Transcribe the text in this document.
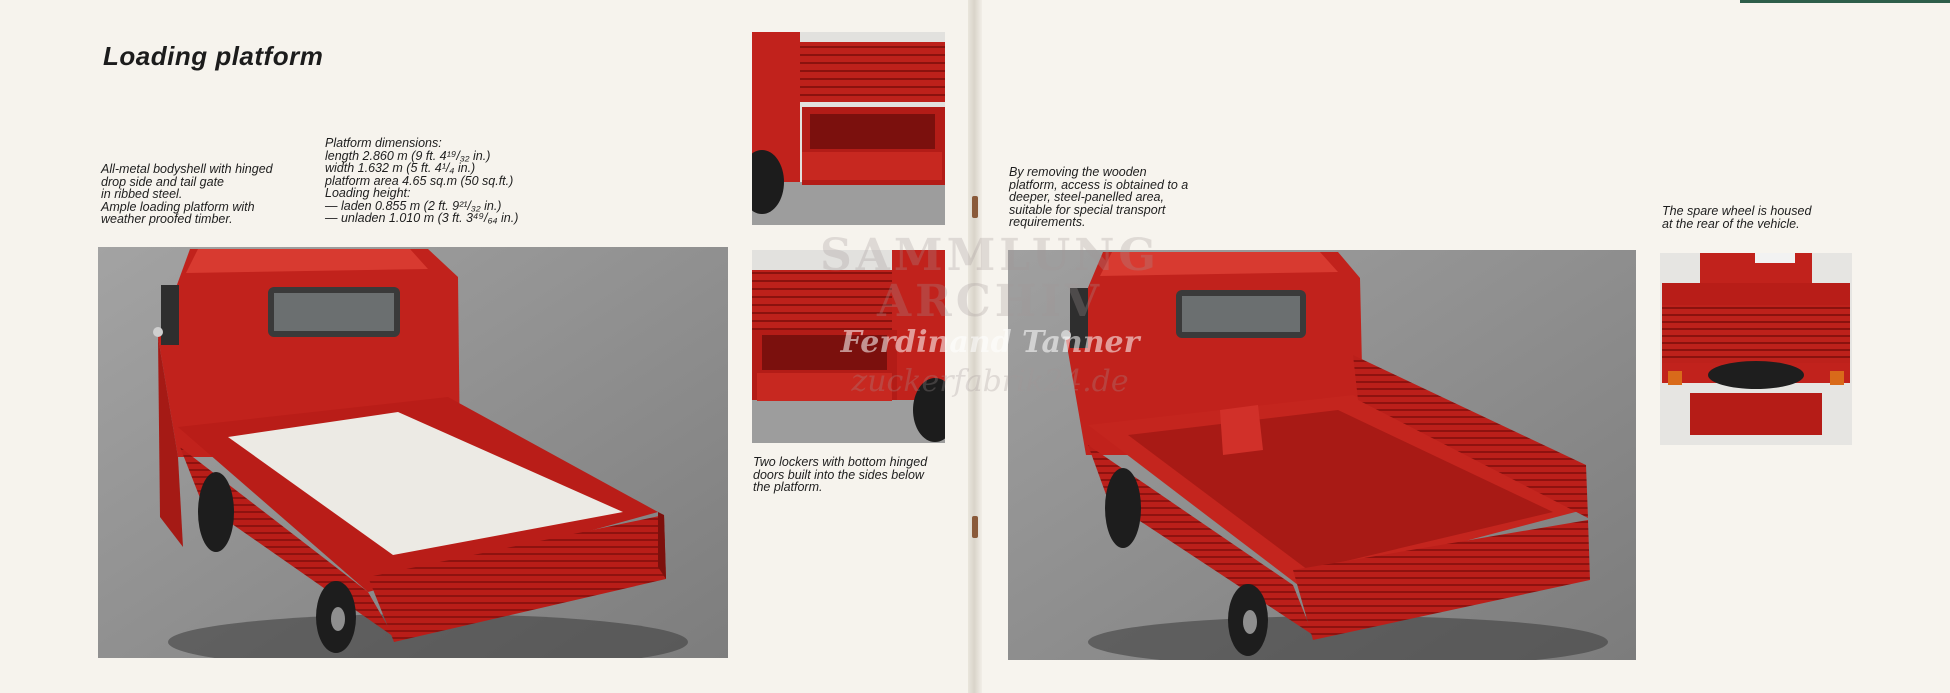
Loading platform
All-metal bodyshell with hinged
drop side and tail gate
in ribbed steel.
Ample loading platform with
weather proofed timber.
Platform dimensions:
length 2.860 m (9 ft. 4¹⁹/₃₂ in.)
width 1.632 m (5 ft. 4¹/₄ in.)
platform area 4.65 sq.m (50 sq.ft.)
Loading height:
— laden 0.855 m (2 ft. 9²¹/₃₂ in.)
— unladen 1.010 m (3 ft. 3⁴⁹/₆₄ in.)
Two lockers with bottom hinged
doors built into the sides below
the platform.
By removing the wooden
platform, access is obtained to a
deeper, steel-panelled area,
suitable for special transport
requirements.
The spare wheel is housed
at the rear of the vehicle.
SAMMLUNG
ARCHIV
Ferdinand Tanner
zuckerfabrik24.de
